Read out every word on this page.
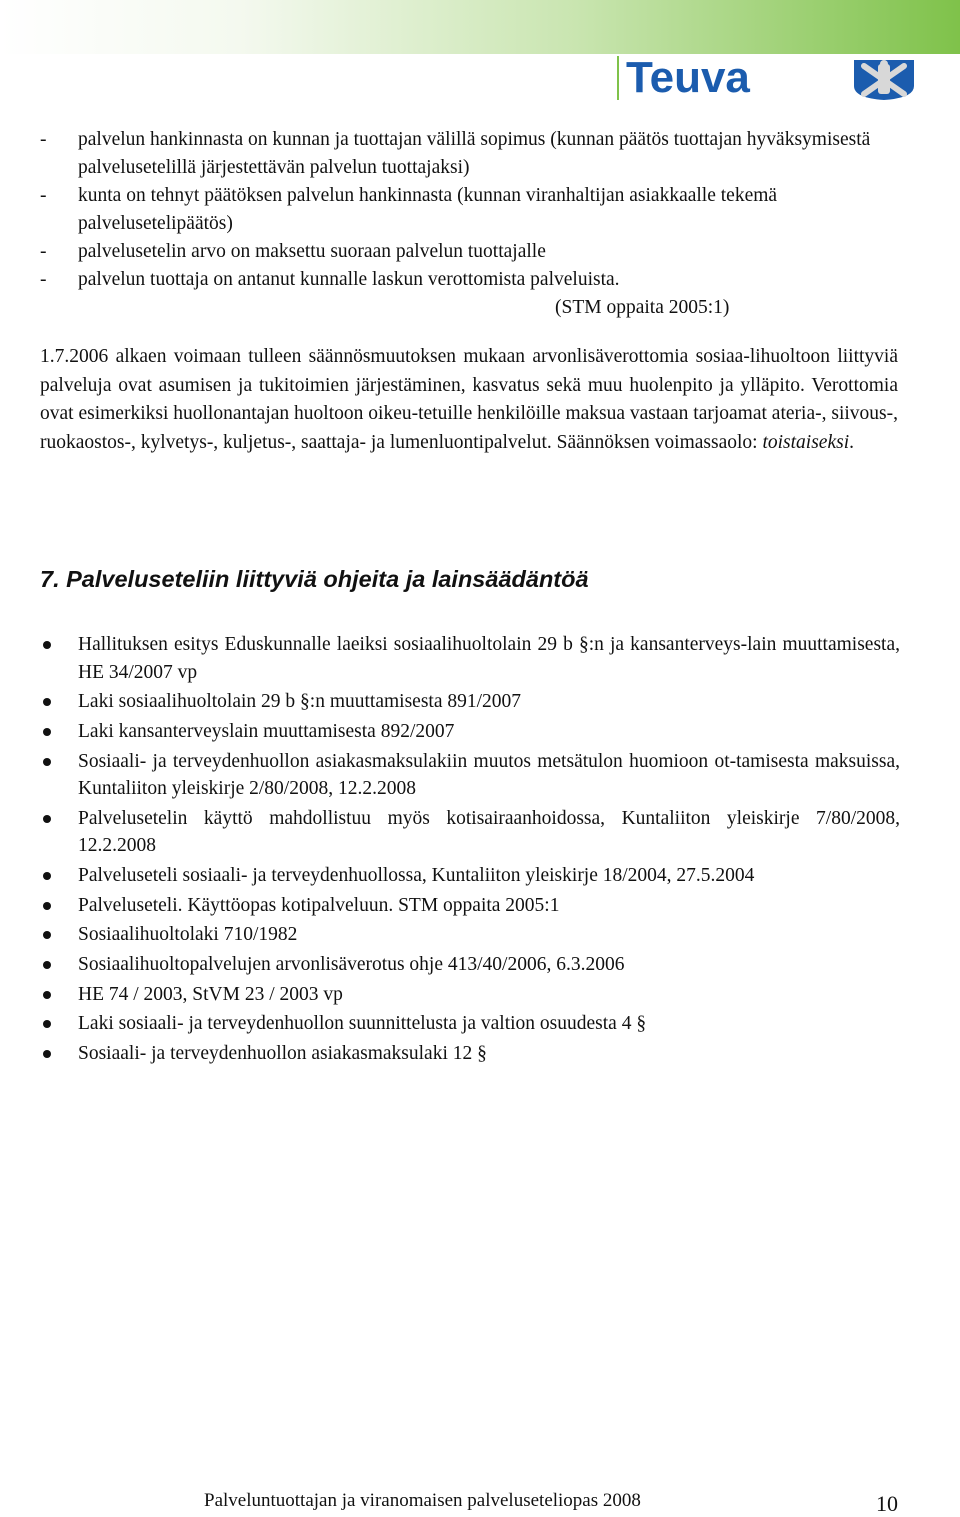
Teuva
- palvelun hankinnasta on kunnan ja tuottajan välillä sopimus (kunnan päätös tuottajan hyväksymisestä palvelusetelillä järjestettävän palvelun tuottajaksi)
- kunta on tehnyt päätöksen palvelun hankinnasta (kunnan viranhaltijan asiakkaalle tekemä palvelusetelipäätös)
- palvelusetelin arvo on maksettu suoraan palvelun tuottajalle
- palvelun tuottaja on antanut kunnalle laskun verottomista palveluista.
(STM oppaita 2005:1)

1.7.2006 alkaen voimaan tulleen säännösmuutoksen mukaan arvonlisäverottomia sosiaa-lihuoltoon liittyviä palveluja ovat asumisen ja tukitoimien järjestäminen, kasvatus sekä muu huolenpito ja ylläpito. Verottomia ovat esimerkiksi huollonantajan huoltoon oikeu-tetuille henkilöille maksua vastaan tarjoamat ateria-, siivous-, ruokaostos-, kylvetys-, kuljetus-, saattaja- ja lumenluontipalvelut. Säännöksen voimassaolo: toistaiseksi.

7. Palveluseteliin liittyviä ohjeita ja lainsäädäntöä
Hallituksen esitys Eduskunnalle laeiksi sosiaalihuoltolain 29 b §:n ja kansanterveys-lain muuttamisesta, HE 34/2007 vp
Laki sosiaalihuoltolain 29 b §:n muuttamisesta 891/2007
Laki kansanterveyslain muuttamisesta 892/2007
Sosiaali- ja terveydenhuollon asiakasmaksulakiin muutos metsätulon huomioon ot-tamisesta maksuissa, Kuntaliiton yleiskirje 2/80/2008, 12.2.2008
Palvelusetelin käyttö mahdollistuu myös kotisairaanhoidossa, Kuntaliiton yleiskirje 7/80/2008, 12.2.2008
Palveluseteli sosiaali- ja terveydenhuollossa, Kuntaliiton yleiskirje 18/2004, 27.5.2004
Palveluseteli. Käyttöopas kotipalveluun. STM oppaita 2005:1
Sosiaalihuoltolaki 710/1982
Sosiaalihuoltopalvelujen arvonlisäverotus ohje 413/40/2006, 6.3.2006
HE 74 / 2003, StVM 23 / 2003 vp
Laki sosiaali- ja terveydenhuollon suunnittelusta ja valtion osuudesta 4 §
Sosiaali- ja terveydenhuollon asiakasmaksulaki 12 §
Palveluntuottajan ja viranomaisen palveluseteliopas 2008	10
